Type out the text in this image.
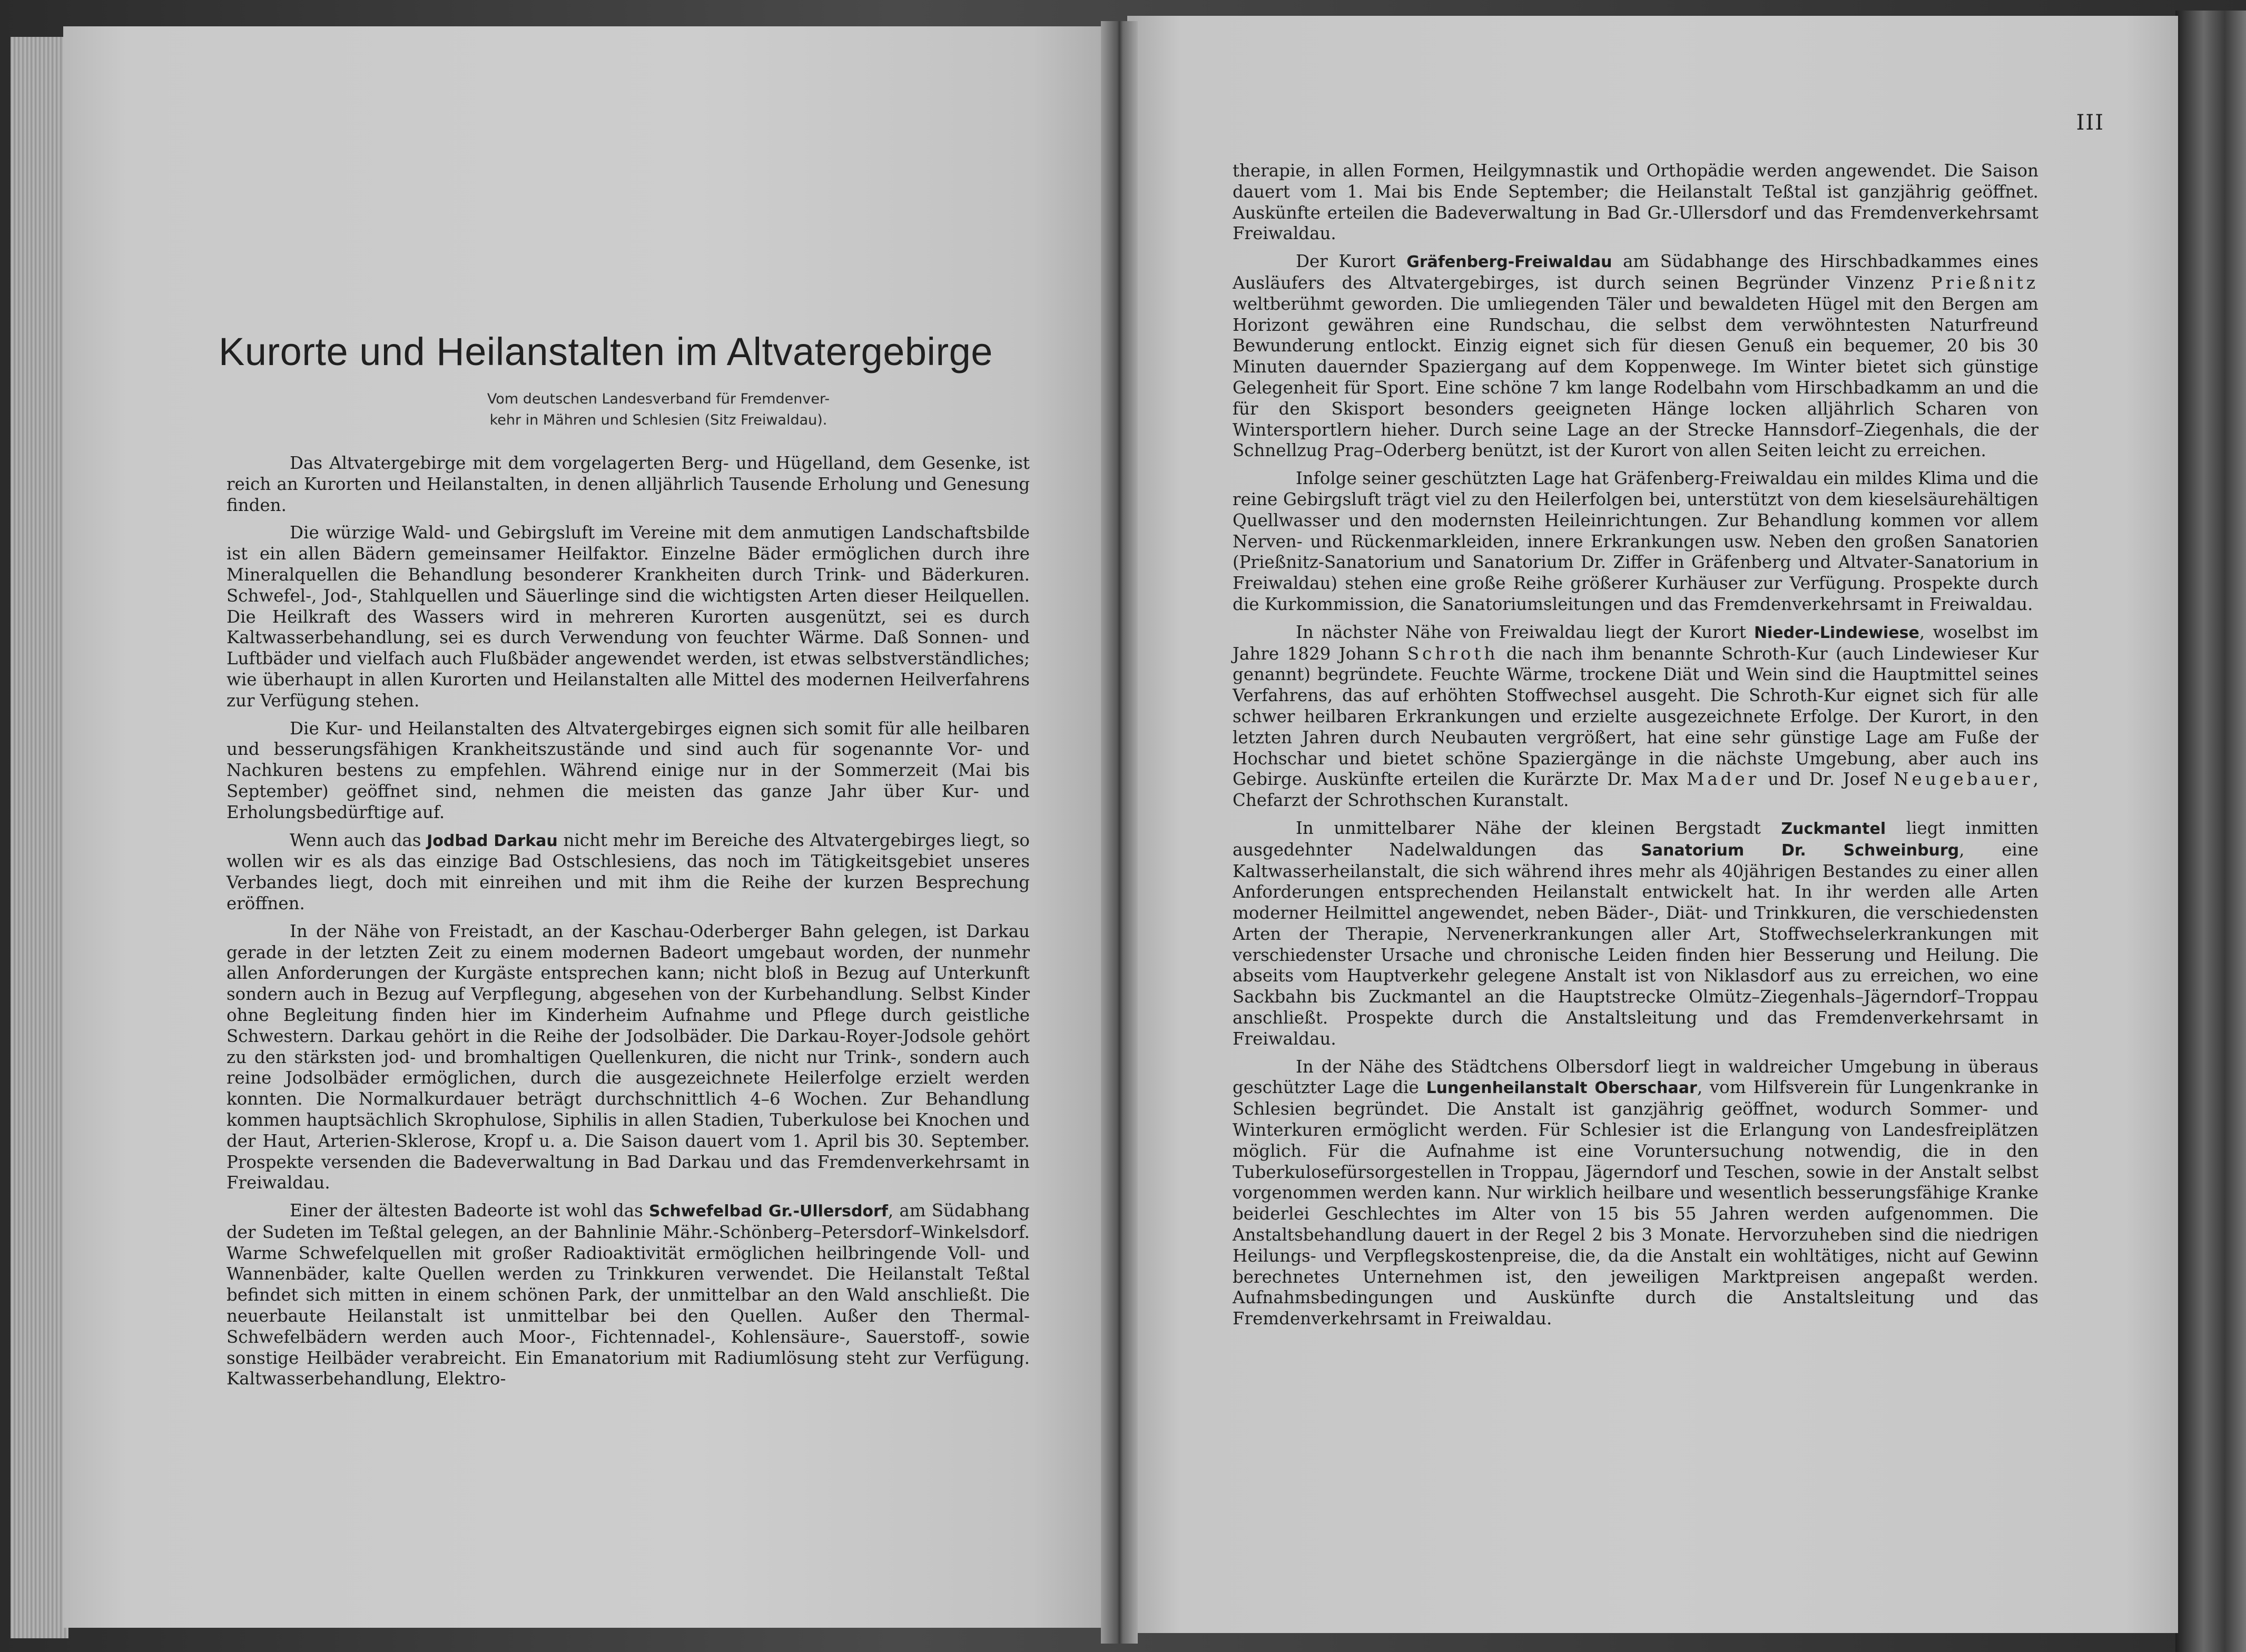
III
Kurorte und Heilanstalten im Altvatergebirge
Vom deutschen Landesverband für Fremdenver-
kehr in Mähren und Schlesien (Sitz Freiwaldau).

Das Altvatergebirge mit dem vorgelagerten Berg- und Hügelland, dem Gesenke, ist reich an Kurorten und Heilanstalten, in denen alljährlich Tausende Erholung und Genesung finden.

Die würzige Wald- und Gebirgsluft im Vereine mit dem anmutigen Landschaftsbilde ist ein allen Bädern gemeinsamer Heilfaktor. Einzelne Bäder ermöglichen durch ihre Mineralquellen die Behandlung besonderer Krankheiten durch Trink- und Bäderkuren. Schwefel-, Jod-, Stahlquellen und Säuerlinge sind die wichtigsten Arten dieser Heilquellen. Die Heilkraft des Wassers wird in mehreren Kurorten ausgenützt, sei es durch Kaltwasserbehandlung, sei es durch Verwendung von feuchter Wärme. Daß Sonnen- und Luftbäder und vielfach auch Flußbäder angewendet werden, ist etwas selbstverständliches; wie überhaupt in allen Kurorten und Heilanstalten alle Mittel des modernen Heilverfahrens zur Verfügung stehen.

Die Kur- und Heilanstalten des Altvatergebirges eignen sich somit für alle heilbaren und besserungsfähigen Krankheitszustände und sind auch für sogenannte Vor- und Nachkuren bestens zu empfehlen. Während einige nur in der Sommerzeit (Mai bis September) geöffnet sind, nehmen die meisten das ganze Jahr über Kur- und Erholungsbedürftige auf.

Wenn auch das Jodbad Darkau nicht mehr im Bereiche des Altvatergebirges liegt, so wollen wir es als das einzige Bad Ostschlesiens, das noch im Tätigkeitsgebiet unseres Verbandes liegt, doch mit einreihen und mit ihm die Reihe der kurzen Besprechung eröffnen.

In der Nähe von Freistadt, an der Kaschau-Oderberger Bahn gelegen, ist Darkau gerade in der letzten Zeit zu einem modernen Badeort umgebaut worden, der nunmehr allen Anforderungen der Kurgäste entsprechen kann; nicht bloß in Bezug auf Unterkunft sondern auch in Bezug auf Verpflegung, abgesehen von der Kurbehandlung. Selbst Kinder ohne Begleitung finden hier im Kinderheim Aufnahme und Pflege durch geistliche Schwestern. Darkau gehört in die Reihe der Jodsolbäder. Die Darkau-Royer-Jodsole gehört zu den stärksten jod- und bromhaltigen Quellenkuren, die nicht nur Trink-, sondern auch reine Jodsolbäder ermöglichen, durch die ausgezeichnete Heilerfolge erzielt werden konnten. Die Normalkurdauer beträgt durchschnittlich 4–6 Wochen. Zur Behandlung kommen hauptsächlich Skrophulose, Siphilis in allen Stadien, Tuberkulose bei Knochen und der Haut, Arterien-Sklerose, Kropf u. a. Die Saison dauert vom 1. April bis 30. September. Prospekte versenden die Badeverwaltung in Bad Darkau und das Fremdenverkehrsamt in Freiwaldau.

Einer der ältesten Badeorte ist wohl das Schwefelbad Gr.-Ullersdorf, am Südabhang der Sudeten im Teßtal gelegen, an der Bahnlinie Mähr.-Schönberg–Petersdorf–Winkelsdorf. Warme Schwefelquellen mit großer Radioaktivität ermöglichen heilbringende Voll- und Wannenbäder, kalte Quellen werden zu Trinkkuren verwendet. Die Heilanstalt Teßtal befindet sich mitten in einem schönen Park, der unmittelbar an den Wald anschließt. Die neuerbaute Heilanstalt ist unmittelbar bei den Quellen. Außer den Thermal-Schwefelbädern werden auch Moor-, Fichtennadel-, Kohlensäure-, Sauerstoff-, sowie sonstige Heilbäder verabreicht. Ein Emanatorium mit Radiumlösung steht zur Verfügung. Kaltwasserbehandlung, Elektro-

therapie, in allen Formen, Heilgymnastik und Orthopädie werden angewendet. Die Saison dauert vom 1. Mai bis Ende September; die Heilanstalt Teßtal ist ganzjährig geöffnet. Auskünfte erteilen die Badeverwaltung in Bad Gr.-Ullersdorf und das Fremdenverkehrsamt Freiwaldau.

Der Kurort Gräfenberg-Freiwaldau am Südabhange des Hirschbadkammes eines Ausläufers des Altvatergebirges, ist durch seinen Begründer Vinzenz Prießnitz weltberühmt geworden. Die umliegenden Täler und bewaldeten Hügel mit den Bergen am Horizont gewähren eine Rundschau, die selbst dem verwöhntesten Naturfreund Bewunderung entlockt. Einzig eignet sich für diesen Genuß ein bequemer, 20 bis 30 Minuten dauernder Spaziergang auf dem Koppenwege. Im Winter bietet sich günstige Gelegenheit für Sport. Eine schöne 7 km lange Rodelbahn vom Hirschbadkamm an und die für den Skisport besonders geeigneten Hänge locken alljährlich Scharen von Wintersportlern hieher. Durch seine Lage an der Strecke Hannsdorf–Ziegenhals, die der Schnellzug Prag–Oderberg benützt, ist der Kurort von allen Seiten leicht zu erreichen.

Infolge seiner geschützten Lage hat Gräfenberg-Freiwaldau ein mildes Klima und die reine Gebirgsluft trägt viel zu den Heilerfolgen bei, unterstützt von dem kieselsäurehältigen Quellwasser und den modernsten Heileinrichtungen. Zur Behandlung kommen vor allem Nerven- und Rückenmarkleiden, innere Erkrankungen usw. Neben den großen Sanatorien (Prießnitz-Sanatorium und Sanatorium Dr. Ziffer in Gräfenberg und Altvater-Sanatorium in Freiwaldau) stehen eine große Reihe größerer Kurhäuser zur Verfügung. Prospekte durch die Kurkommission, die Sanatoriumsleitungen und das Fremdenverkehrsamt in Freiwaldau.

In nächster Nähe von Freiwaldau liegt der Kurort Nieder-Lindewiese, woselbst im Jahre 1829 Johann Schroth die nach ihm benannte Schroth-Kur (auch Lindewieser Kur genannt) begründete. Feuchte Wärme, trockene Diät und Wein sind die Hauptmittel seines Verfahrens, das auf erhöhten Stoffwechsel ausgeht. Die Schroth-Kur eignet sich für alle schwer heilbaren Erkrankungen und erzielte ausgezeichnete Erfolge. Der Kurort, in den letzten Jahren durch Neubauten vergrößert, hat eine sehr günstige Lage am Fuße der Hochschar und bietet schöne Spaziergänge in die nächste Umgebung, aber auch ins Gebirge. Auskünfte erteilen die Kurärzte Dr. Max Mader und Dr. Josef Neugebauer, Chefarzt der Schrothschen Kuranstalt.

In unmittelbarer Nähe der kleinen Bergstadt Zuckmantel liegt inmitten ausgedehnter Nadelwaldungen das Sanatorium Dr. Schweinburg, eine Kaltwasserheilanstalt, die sich während ihres mehr als 40jährigen Bestandes zu einer allen Anforderungen entsprechenden Heilanstalt entwickelt hat. In ihr werden alle Arten moderner Heilmittel angewendet, neben Bäder-, Diät- und Trinkkuren, die verschiedensten Arten der Therapie, Nervenerkrankungen aller Art, Stoffwechselerkrankungen mit verschiedenster Ursache und chronische Leiden finden hier Besserung und Heilung. Die abseits vom Hauptverkehr gelegene Anstalt ist von Niklasdorf aus zu erreichen, wo eine Sackbahn bis Zuckmantel an die Hauptstrecke Olmütz–Ziegenhals–Jägerndorf–Troppau anschließt. Prospekte durch die Anstaltsleitung und das Fremdenverkehrsamt in Freiwaldau.

In der Nähe des Städtchens Olbersdorf liegt in waldreicher Umgebung in überaus geschützter Lage die Lungenheilanstalt Oberschaar, vom Hilfsverein für Lungenkranke in Schlesien begründet. Die Anstalt ist ganzjährig geöffnet, wodurch Sommer- und Winterkuren ermöglicht werden. Für Schlesier ist die Erlangung von Landesfreiplätzen möglich. Für die Aufnahme ist eine Voruntersuchung notwendig, die in den Tuberkulosefürsorgestellen in Troppau, Jägerndorf und Teschen, sowie in der Anstalt selbst vorgenommen werden kann. Nur wirklich heilbare und wesentlich besserungsfähige Kranke beiderlei Geschlechtes im Alter von 15 bis 55 Jahren werden aufgenommen. Die Anstaltsbehandlung dauert in der Regel 2 bis 3 Monate. Hervorzuheben sind die niedrigen Heilungs- und Verpflegskostenpreise, die, da die Anstalt ein wohltätiges, nicht auf Gewinn berechnetes Unternehmen ist, den jeweiligen Marktpreisen angepaßt werden. Aufnahmsbedingungen und Auskünfte durch die Anstaltsleitung und das Fremdenverkehrsamt in Freiwaldau.
